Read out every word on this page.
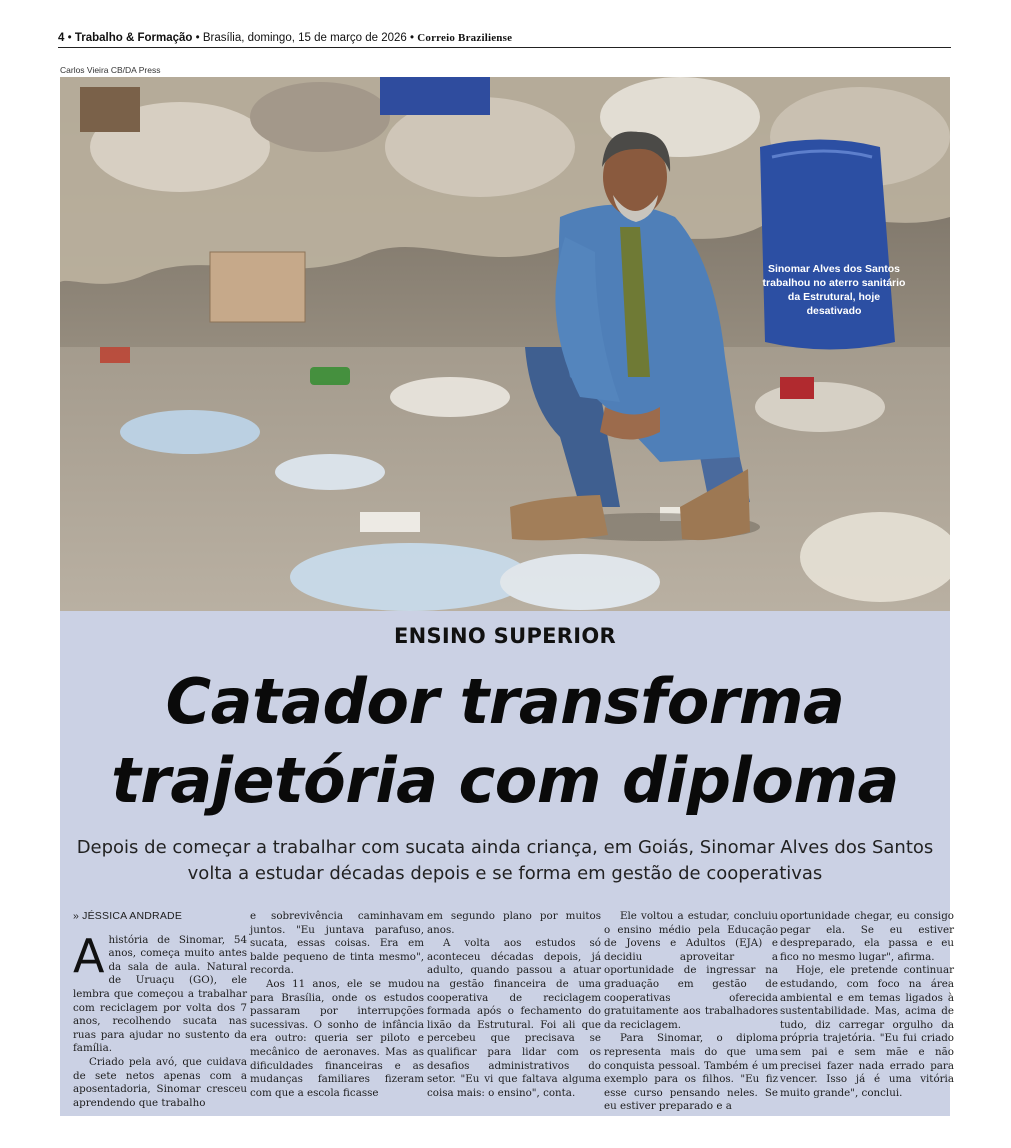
4 • Trabalho & Formação • Brasília, domingo, 15 de março de 2026 • Correio Braziliense
Carlos Vieira CB/DA Press
Sinomar Alves dos Santos trabalhou no aterro sanitário da Estrutural, hoje desativado
ENSINO SUPERIOR
Catador transforma
trajetória com diploma
Depois de começar a trabalhar com sucata ainda criança, em Goiás, Sinomar Alves dos Santos
volta a estudar décadas depois e se forma em gestão de cooperativas
» JÉSSICA ANDRADE

Ahistória de Sinomar, 54 anos, começa muito antes da sala de aula. Natural de Uruaçu (GO), ele lembra que começou a trabalhar com reciclagem por volta dos 7 anos, recolhendo sucata nas ruas para ajudar no sustento da família.

Criado pela avó, que cuidava de sete netos apenas com a aposentadoria, Sinomar cresceu aprendendo que trabalho

e sobrevivência caminhavam juntos. "Eu juntava parafuso, sucata, essas coisas. Era em balde pequeno de tinta mesmo", recorda.

Aos 11 anos, ele se mudou para Brasília, onde os estudos passaram por interrupções sucessivas. O sonho de infância era outro: queria ser piloto e mecânico de aeronaves. Mas as dificuldades financeiras e as mudanças familiares fizeram com que a escola ficasse

em segundo plano por muitos anos.

A volta aos estudos só aconteceu décadas depois, já adulto, quando passou a atuar na gestão financeira de uma cooperativa de reciclagem formada após o fechamento do lixão da Estrutural. Foi ali que percebeu que precisava se qualificar para lidar com os desafios administrativos do setor. "Eu vi que faltava alguma coisa mais: o ensino", conta.

Ele voltou a estudar, concluiu o ensino médio pela Educação de Jovens e Adultos (EJA) e decidiu aproveitar a oportunidade de ingressar na graduação em gestão de cooperativas oferecida gratuitamente aos trabalhadores da reciclagem.

Para Sinomar, o diploma representa mais do que uma conquista pessoal. Também é um exemplo para os filhos. "Eu fiz esse curso pensando neles. Se eu estiver preparado e a

oportunidade chegar, eu consigo pegar ela. Se eu estiver despreparado, ela passa e eu fico no mesmo lugar", afirma.

Hoje, ele pretende continuar estudando, com foco na área ambiental e em temas ligados à sustentabilidade. Mas, acima de tudo, diz carregar orgulho da própria trajetória. "Eu fui criado sem pai e sem mãe e não precisei fazer nada errado para vencer. Isso já é uma vitória muito grande", conclui.
